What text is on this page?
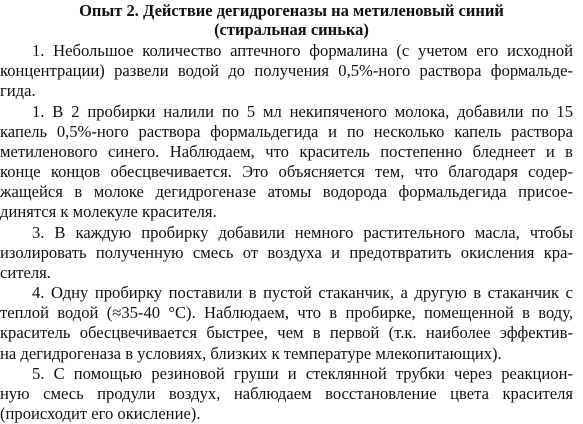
Опыт 2. Действие дегидрогеназы на метиленовый синий
(стиральная синька)
1. Небольшое количество аптечного формалина (с учетом его исходной
концентрации) развели водой до получения 0,5%-ного раствора формальде-
гида.
1. В 2 пробирки налили по 5 мл некипяченого молока, добавили по 15
капель 0,5%-ного раствора формальдегида и по несколько капель раствора
метиленового синего. Наблюдаем, что краситель постепенно бледнеет и в
конце концов обесцвечивается. Это объясняется тем, что благодаря содер-
жащейся в молоке дегидрогеназе атомы водорода формальдегида присое-
динятся к молекуле красителя.
3. В каждую пробирку добавили немного растительного масла, чтобы
изолировать полученную смесь от воздуха и предотвратить окисления кра-
сителя.
4. Одну пробирку поставили в пустой стаканчик, а другую в стаканчик с
теплой водой (≈35-40 °С). Наблюдаем, что в пробирке, помещенной в воду,
краситель обесцвечивается быстрее, чем в первой (т.к. наиболее эффектив-
на дегидрогеназа в условиях, близких к температуре млекопитающих).
5. С помощью резиновой груши и стеклянной трубки через реакцион-
ную смесь продули воздух, наблюдаем восстановление цвета красителя
(происходит его окисление).
